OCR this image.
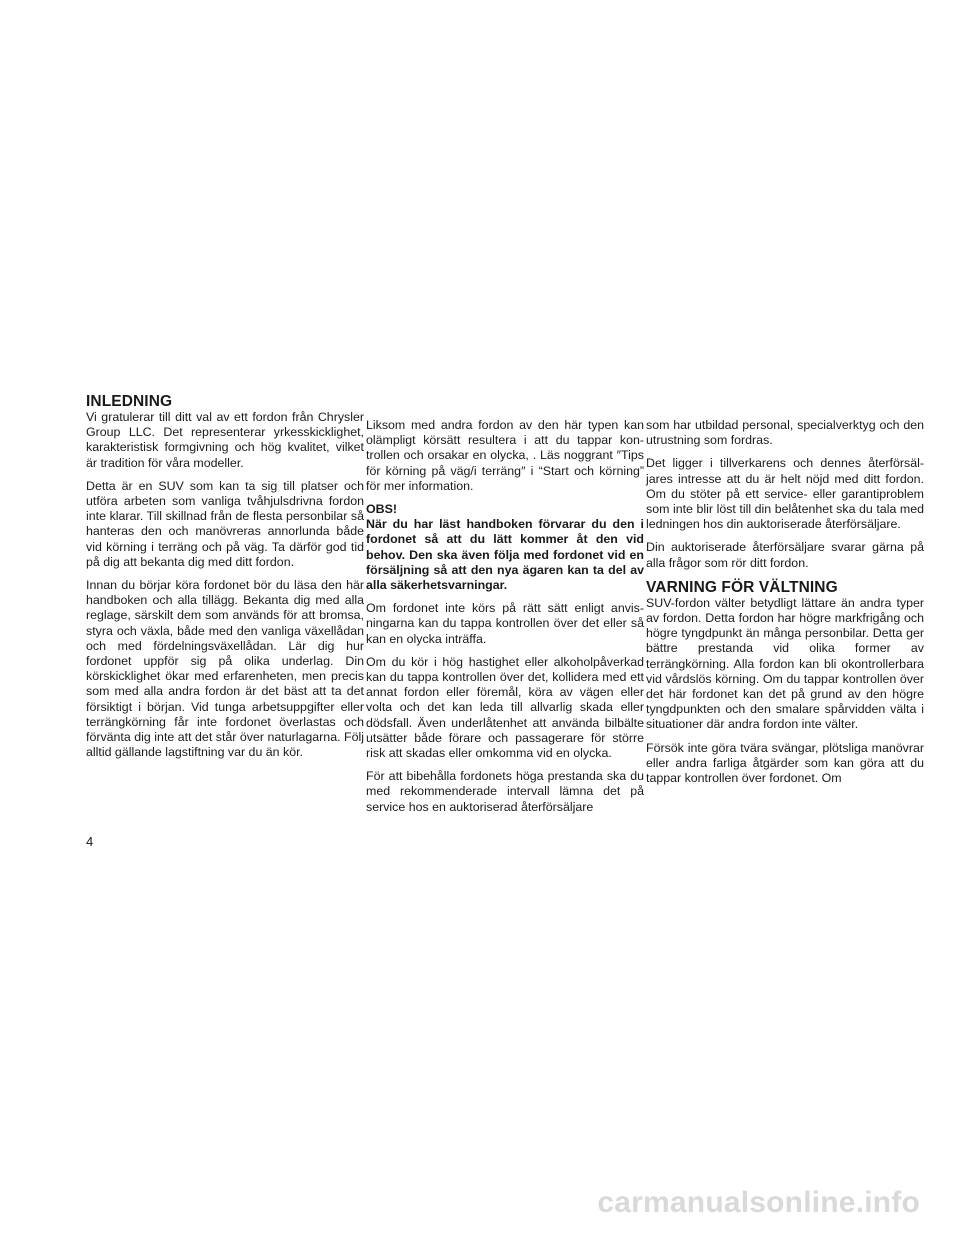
INLEDNING

Vi gratulerar till ditt val av ett fordon från Chrysler Group LLC. Det representerar yrkesskicklighet, karakteristisk formgivning och hög kvalitet, vilket är tradition för våra modeller.

Detta är en SUV som kan ta sig till platser och utföra arbeten som vanliga tvåhjulsdrivna fordon inte klarar. Till skillnad från de flesta personbilar så hanteras den och manövreras annorlunda både vid körning i terräng och på väg. Ta därför god tid på dig att bekanta dig med ditt fordon.

Innan du börjar köra fordonet bör du läsa den här handboken och alla tillägg. Bekanta dig med alla reglage, särskilt dem som används för att bromsa, styra och växla, både med den vanliga växellådan och med fördelningsväxellådan. Lär dig hur fordonet uppför sig på olika underlag. Din körskicklighet ökar med erfarenheten, men precis som med alla andra fordon är det bäst att ta det försiktigt i början. Vid tunga arbetsuppgifter eller terrängkörning får inte fordonet överlastas och förvänta dig inte att det står över naturlagarna. Följ alltid gällande lagstiftning var du än kör.

Liksom med andra fordon av den här typen kan olämpligt körsätt resultera i att du tappar kontrollen och orsakar en olycka, . Läs noggrant ″Tips för körning på väg/i terräng″ i “Start och körning” för mer information.

OBS!

När du har läst handboken förvarar du den i fordonet så att du lätt kommer åt den vid behov. Den ska även följa med fordonet vid en försäljning så att den nya ägaren kan ta del av alla säkerhetsvarningar.

Om fordonet inte körs på rätt sätt enligt anvisningarna kan du tappa kontrollen över det eller så kan en olycka inträffa.

Om du kör i hög hastighet eller alkoholpåverkad kan du tappa kontrollen över det, kollidera med ett annat fordon eller föremål, köra av vägen eller volta och det kan leda till allvarlig skada eller dödsfall. Även underlåtenhet att använda bilbälte utsätter både förare och passagerare för större risk att skadas eller omkomma vid en olycka.

För att bibehålla fordonets höga prestanda ska du med rekommenderade intervall lämna det på service hos en auktoriserad återförsäljare

som har utbildad personal, specialverktyg och den utrustning som fordras.

Det ligger i tillverkarens och dennes återförsäljares intresse att du är helt nöjd med ditt fordon. Om du stöter på ett service- eller garantiproblem som inte blir löst till din belåtenhet ska du tala med ledningen hos din auktoriserade återförsäljare.

Din auktoriserade återförsäljare svarar gärna på alla frågor som rör ditt fordon.

VARNING FÖR VÄLTNING

SUV-fordon välter betydligt lättare än andra typer av fordon. Detta fordon har högre markfrigång och högre tyngdpunkt än många personbilar. Detta ger bättre prestanda vid olika former av terrängkörning. Alla fordon kan bli okontrollerbara vid vårdslös körning. Om du tappar kontrollen över det här fordonet kan det på grund av den högre tyngdpunkten och den smalare spårvidden välta i situationer där andra fordon inte välter.

Försök inte göra tvära svängar, plötsliga manövrar eller andra farliga åtgärder som kan göra att du tappar kontrollen över fordonet. Om

4
carmanualsonline.info
